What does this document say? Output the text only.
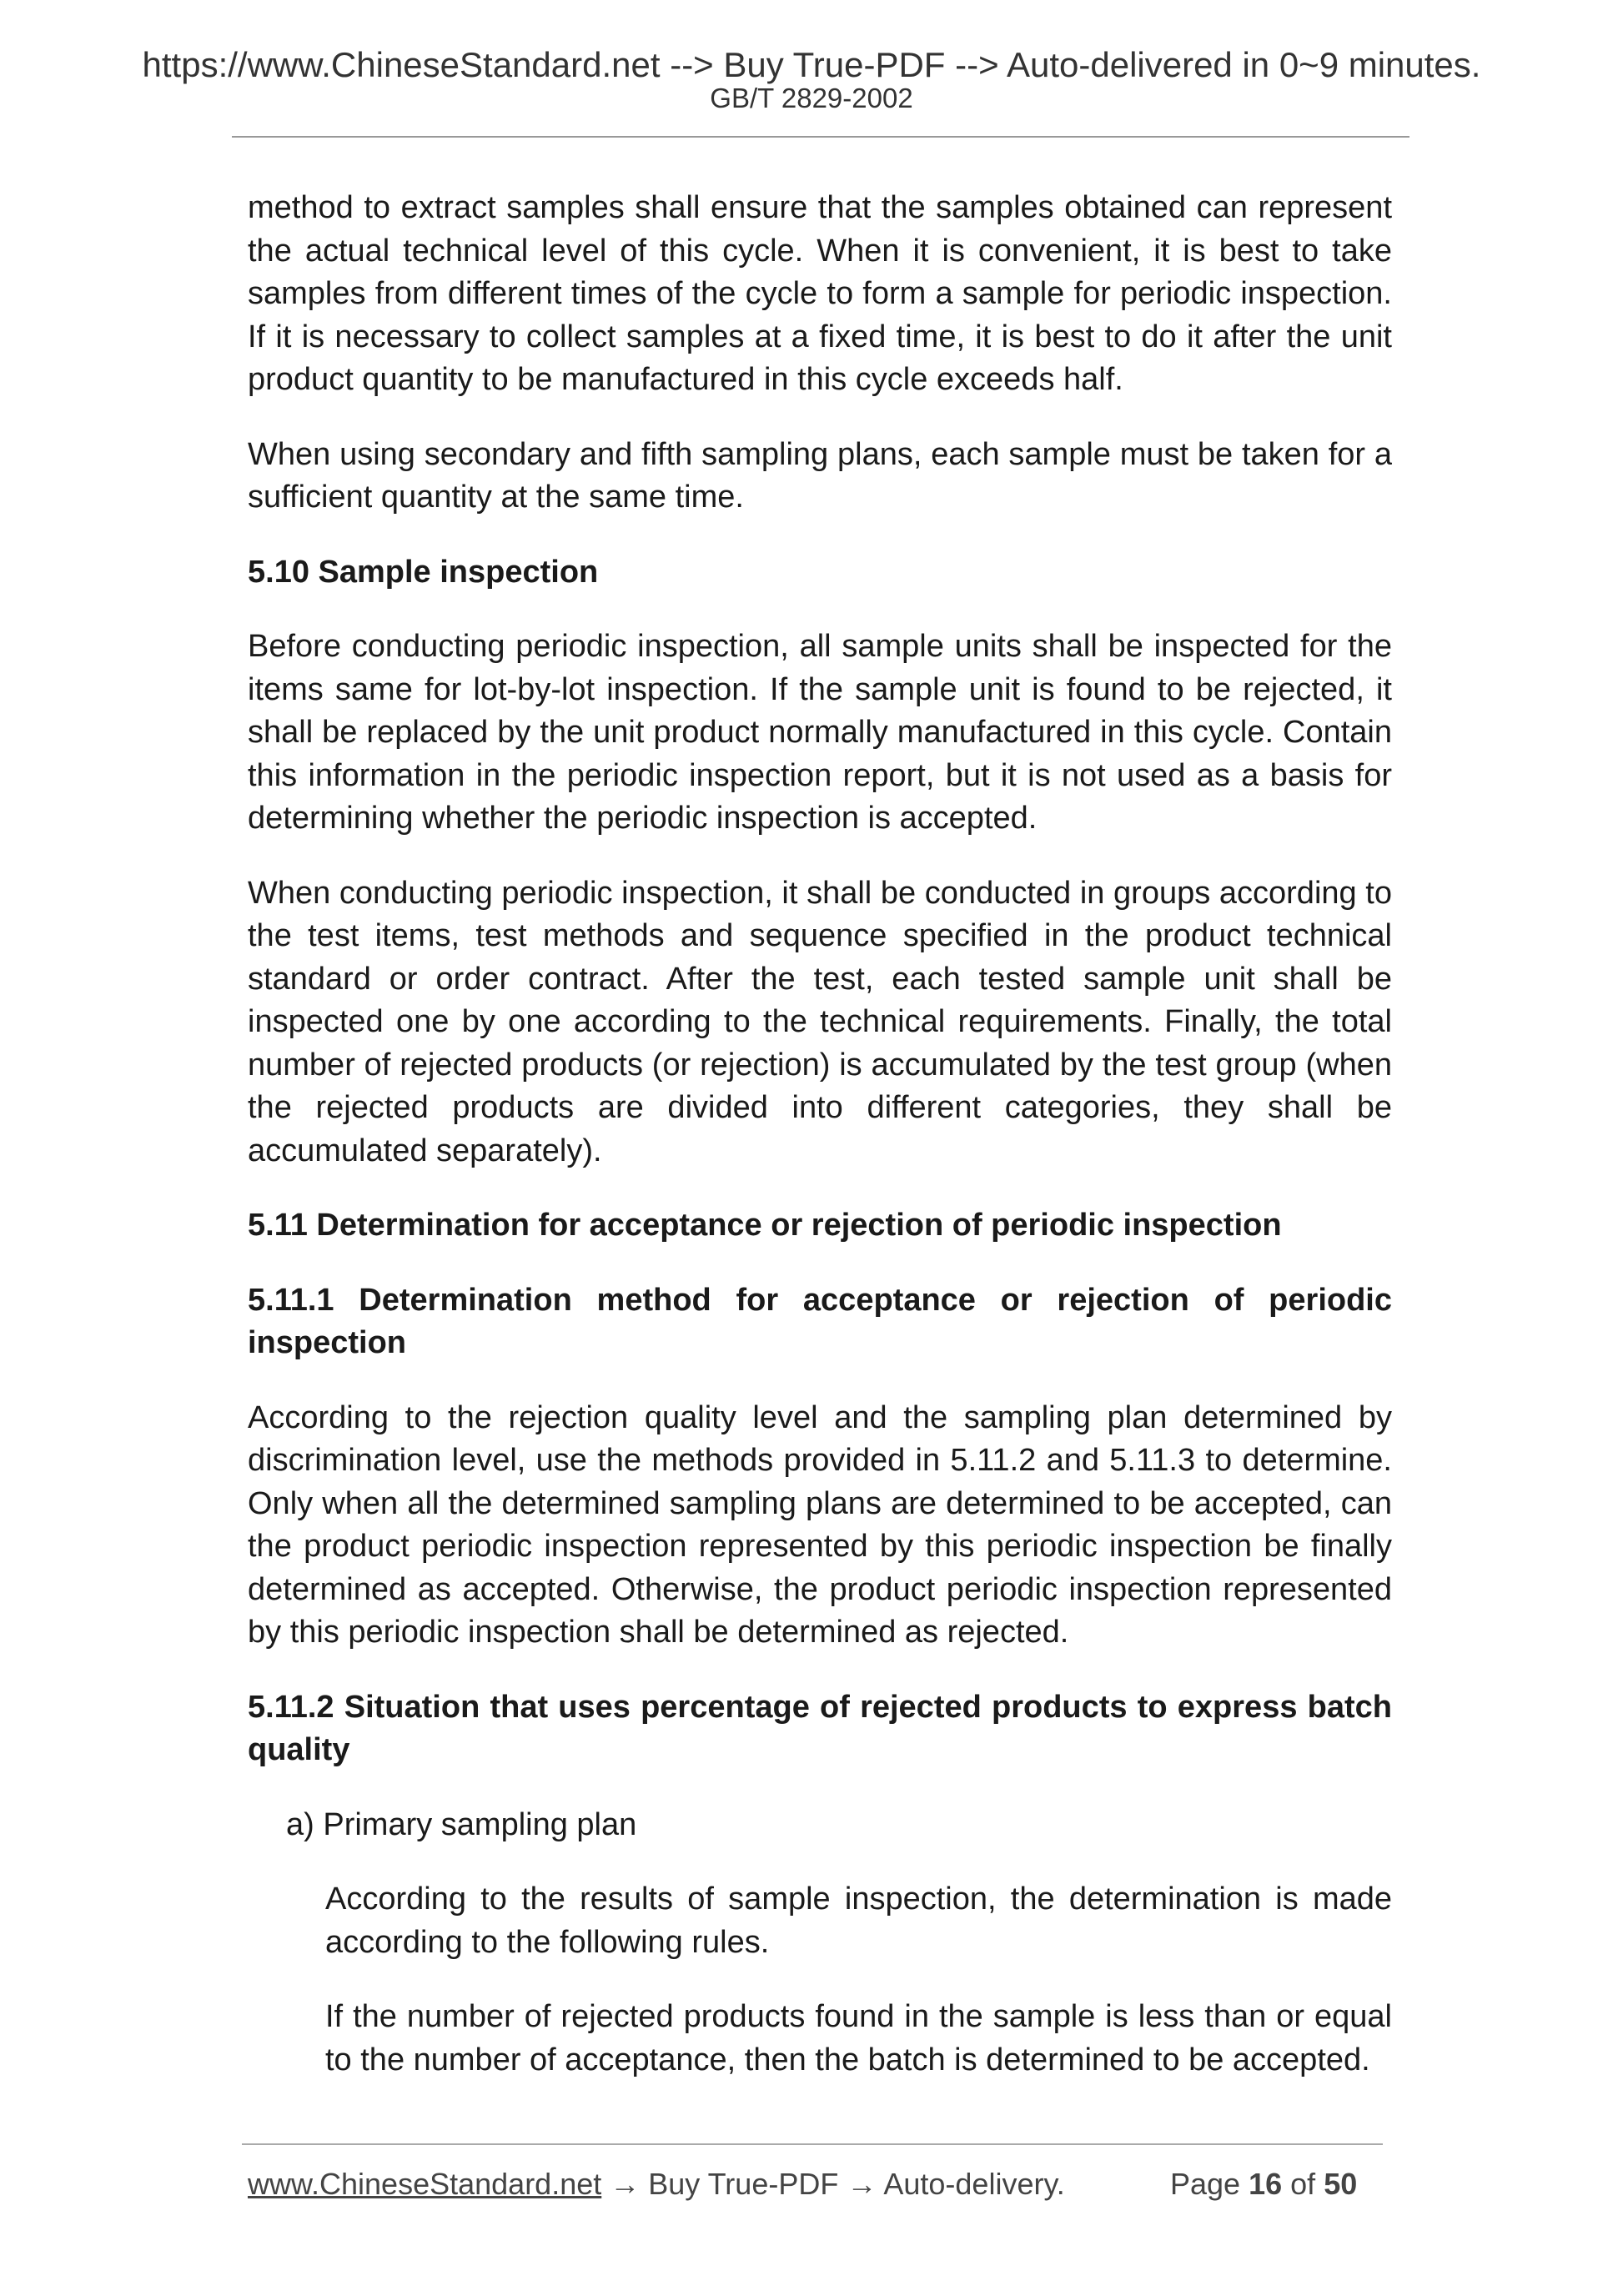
https://www.ChineseStandard.net --> Buy True-PDF --> Auto-delivered in 0~9 minutes.
GB/T 2829-2002

method to extract samples shall ensure that the samples obtained can represent the actual technical level of this cycle. When it is convenient, it is best to take samples from different times of the cycle to form a sample for periodic inspection. If it is necessary to collect samples at a fixed time, it is best to do it after the unit product quantity to be manufactured in this cycle exceeds half.

When using secondary and fifth sampling plans, each sample must be taken for a sufficient quantity at the same time.

5.10 Sample inspection

Before conducting periodic inspection, all sample units shall be inspected for the items same for lot-by-lot inspection. If the sample unit is found to be rejected, it shall be replaced by the unit product normally manufactured in this cycle. Contain this information in the periodic inspection report, but it is not used as a basis for determining whether the periodic inspection is accepted.

When conducting periodic inspection, it shall be conducted in groups according to the test items, test methods and sequence specified in the product technical standard or order contract. After the test, each tested sample unit shall be inspected one by one according to the technical requirements. Finally, the total number of rejected products (or rejection) is accumulated by the test group (when the rejected products are divided into different categories, they shall be accumulated separately).

5.11 Determination for acceptance or rejection of periodic inspection
5.11.1 Determination method for acceptance or rejection of periodic inspection

According to the rejection quality level and the sampling plan determined by discrimination level, use the methods provided in 5.11.2 and 5.11.3 to determine. Only when all the determined sampling plans are determined to be accepted, can the product periodic inspection represented by this periodic inspection be finally determined as accepted. Otherwise, the product periodic inspection represented by this periodic inspection shall be determined as rejected.

5.11.2 Situation that uses percentage of rejected products to express batch quality
a) Primary sampling plan

According to the results of sample inspection, the determination is made according to the following rules.

If the number of rejected products found in the sample is less than or equal to the number of acceptance, then the batch is determined to be accepted.

www.ChineseStandard.net → Buy True-PDF → Auto-delivery.	Page 16 of 50
